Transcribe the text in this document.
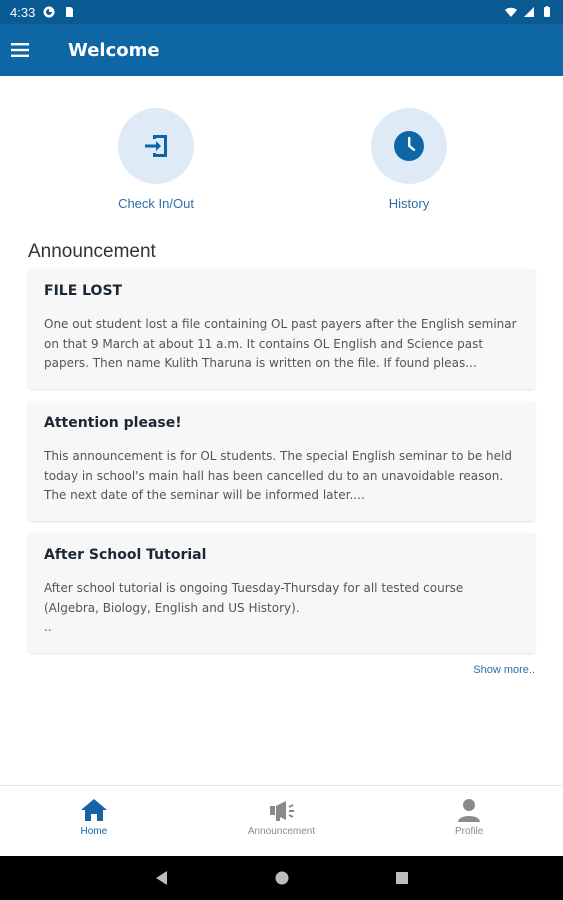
4:33
Welcome
Check In/Out	History
Announcement
FILE LOST
One out student lost a file containing OL past payers after the English seminar on that 9 March at about 11 a.m. It contains OL English and Science past papers. Then name Kulith Tharuna is written on the file. If found pleas...
Attention please!
This announcement is for OL students. The special English seminar to be held today in school's main hall has been cancelled du to an unavoidable reason. The next date of the seminar will be informed later....
After School Tutorial
After school tutorial is ongoing Tuesday-Thursday for all tested course (Algebra, Biology, English and US History).
..
Show more..
Home	Announcement	Profile
